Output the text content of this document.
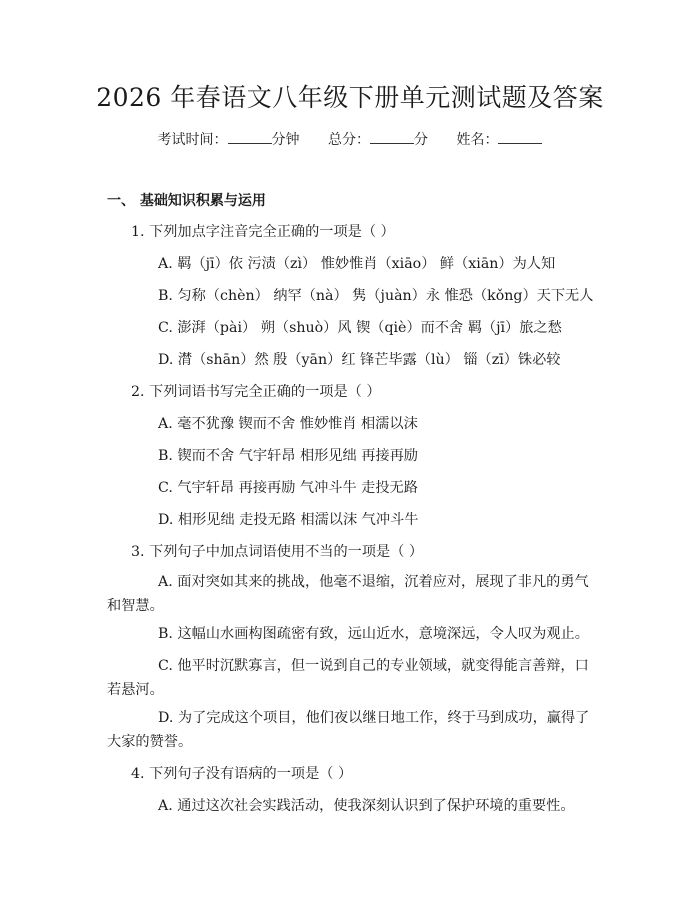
2026 年春语文八年级下册单元测试题及答案
考试时间：	分钟 总分：	分 姓名：
一、 基础知识积累与运用
1. 下列加点字注音完全正确的一项是（ ）
A. 羁（jī）依 污渍（zì） 惟妙惟肖（xiāo） 鲜（xiān）为人知
B. 匀称（chèn） 纳罕（nà） 隽（juàn）永 惟恐（kǒng）天下无人
C. 澎湃（pài） 朔（shuò）风 锲（qiè）而不舍 羁（jī）旅之愁
D. 潸（shān）然 殷（yān）红 锋芒毕露（lù） 锱（zī）铢必较
2. 下列词语书写完全正确的一项是（ ）
A. 毫不犹豫 锲而不舍 惟妙惟肖 相濡以沫
B. 锲而不舍 气宇轩昂 相形见绌 再接再励
C. 气宇轩昂 再接再励 气冲斗牛 走投无路
D. 相形见绌 走投无路 相濡以沫 气冲斗牛
3. 下列句子中加点词语使用不当的一项是（ ）
A. 面对突如其来的挑战，他毫不退缩，沉着应对，展现了非凡的勇气和智慧。
B. 这幅山水画构图疏密有致，远山近水，意境深远，令人叹为观止。
C. 他平时沉默寡言，但一说到自己的专业领域，就变得能言善辩，口若悬河。
D. 为了完成这个项目，他们夜以继日地工作，终于马到成功，赢得了大家的赞誉。
4. 下列句子没有语病的一项是（ ）
A. 通过这次社会实践活动，使我深刻认识到了保护环境的重要性。
